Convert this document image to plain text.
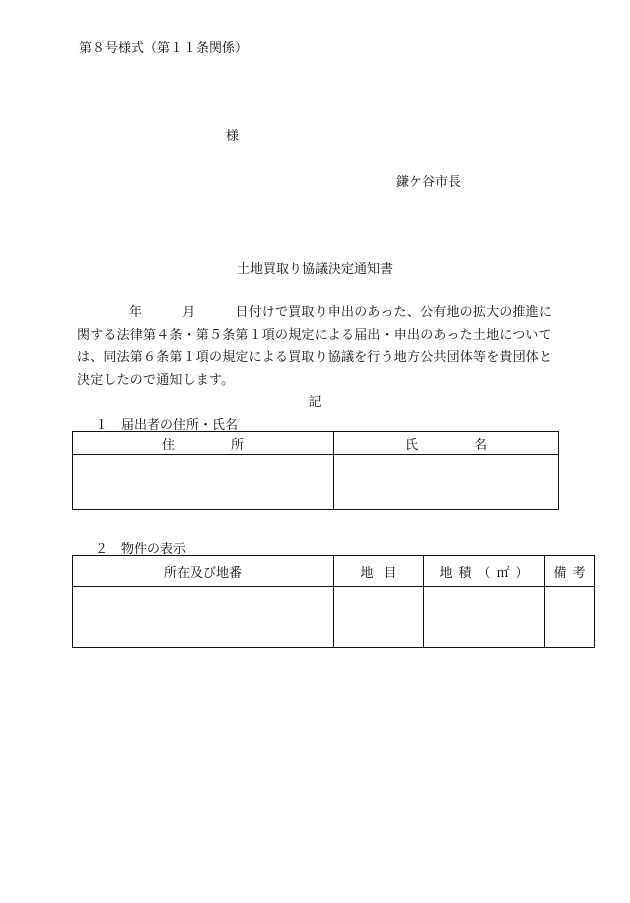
第８号様式（第１１条関係）
様
鎌ケ谷市長
土地買取り協議決定通知書
年	月	日付けで買取り申出のあった、公有地の拡大の推進に関する法律第４条・第５条第１項の規定による届出・申出のあった土地については、同法第６条第１項の規定による買取り協議を行う地方公共団体等を貴団体と決定したので通知します。
記
１　届出者の住所・氏名
住所	氏名

２　物件の表示
所在及び地番	地目	地積（㎡）	備考
